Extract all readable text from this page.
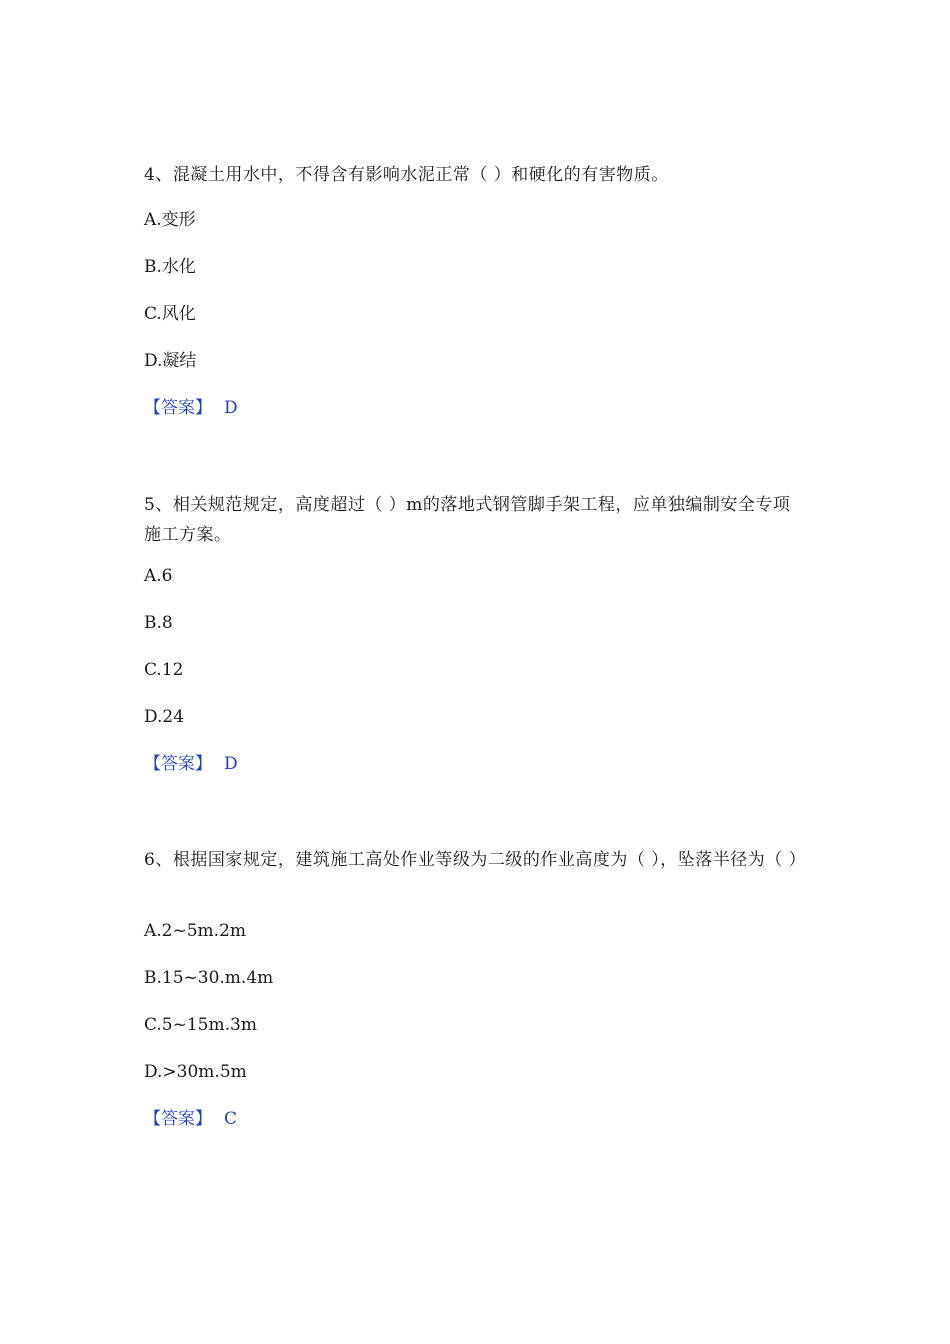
4、混凝土用水中，不得含有影响水泥正常（ ）和硬化的有害物质。

A.变形
B.水化
C.风化
D.凝结
【答案】 D

5、相关规范规定，高度超过（ ）m的落地式钢管脚手架工程，应单独编制安全专项施工方案。

A.6
B.8
C.12
D.24
【答案】 D

6、根据国家规定，建筑施工高处作业等级为二级的作业高度为（ ），坠落半径为（ ）

A.2~5m.2m
B.15~30.m.4m
C.5~15m.3m
D.>30m.5m
【答案】 C
